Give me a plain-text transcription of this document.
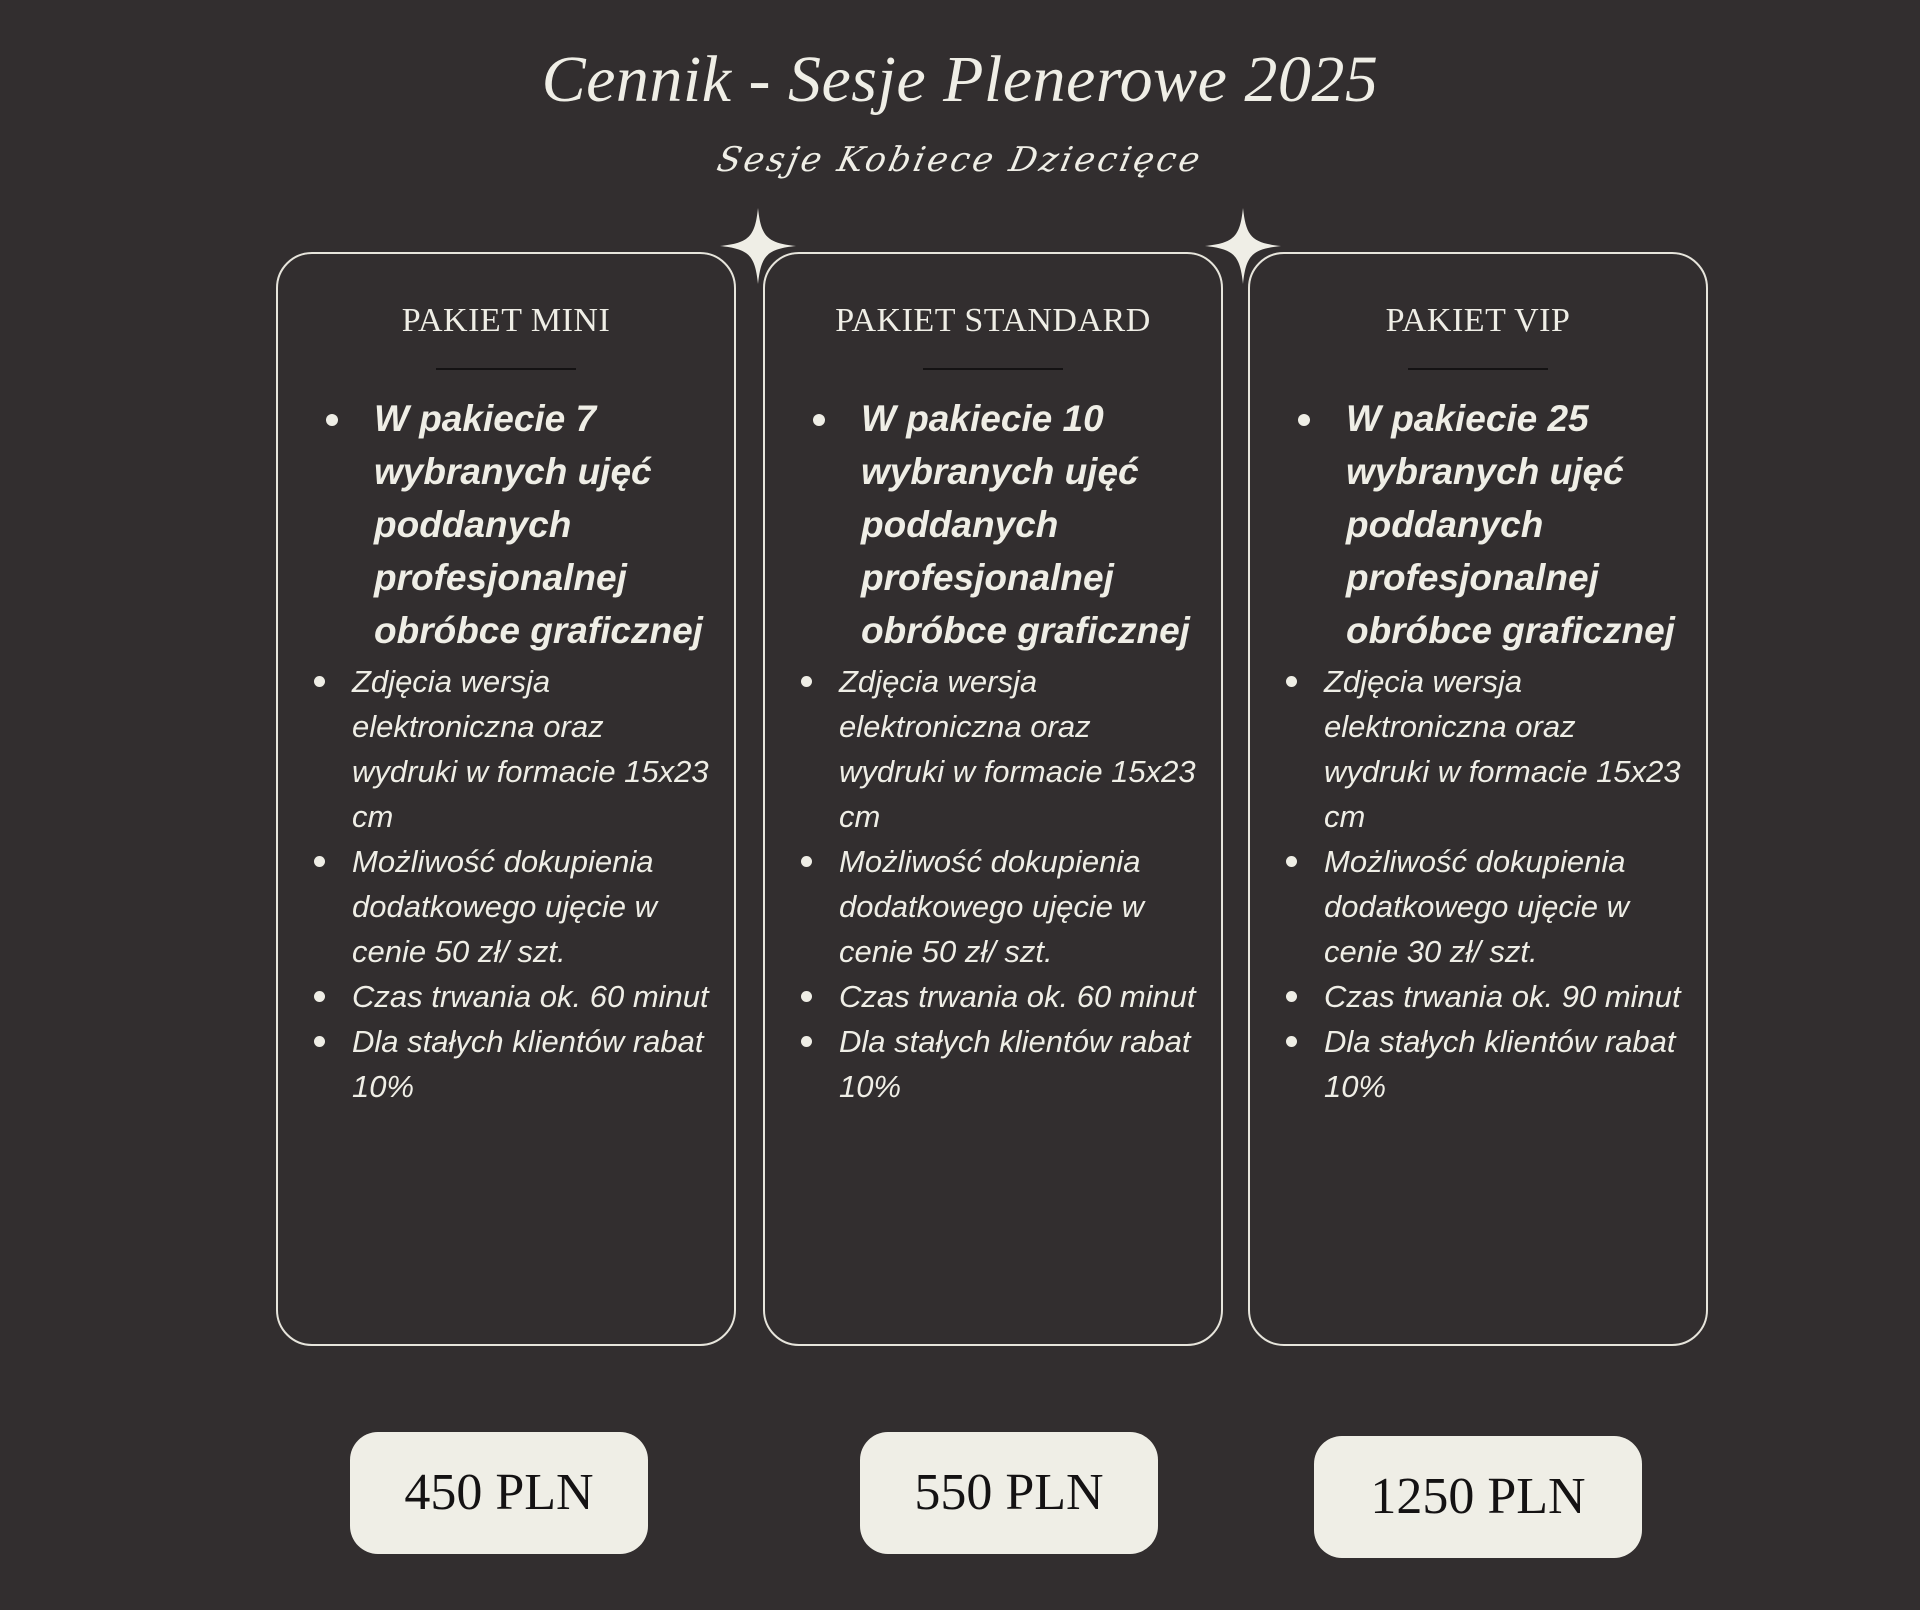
Cennik - Sesje Plenerowe 2025
Sesje Kobiece Dziecięce
PAKIET MINI
W pakiecie 7 wybranych ujęć poddanych profesjonalnej obróbce graficznej
Zdjęcia wersja elektroniczna oraz wydruki w formacie 15x23 cm
Możliwość dokupienia dodatkowego ujęcie w cenie 50 zł/ szt.
Czas trwania ok. 60 minut
Dla stałych klientów rabat 10%
PAKIET STANDARD
W pakiecie 10 wybranych ujęć poddanych profesjonalnej obróbce graficznej
Zdjęcia wersja elektroniczna oraz wydruki w formacie 15x23 cm
Możliwość dokupienia dodatkowego ujęcie w cenie 50 zł/ szt.
Czas trwania ok. 60 minut
Dla stałych klientów rabat 10%
PAKIET VIP
W pakiecie 25 wybranych ujęć poddanych profesjonalnej obróbce graficznej
Zdjęcia wersja elektroniczna oraz wydruki w formacie 15x23 cm
Możliwość dokupienia dodatkowego ujęcie w cenie 30 zł/ szt.
Czas trwania ok. 90 minut
Dla stałych klientów rabat 10%
450 PLN	550 PLN	1250 PLN
